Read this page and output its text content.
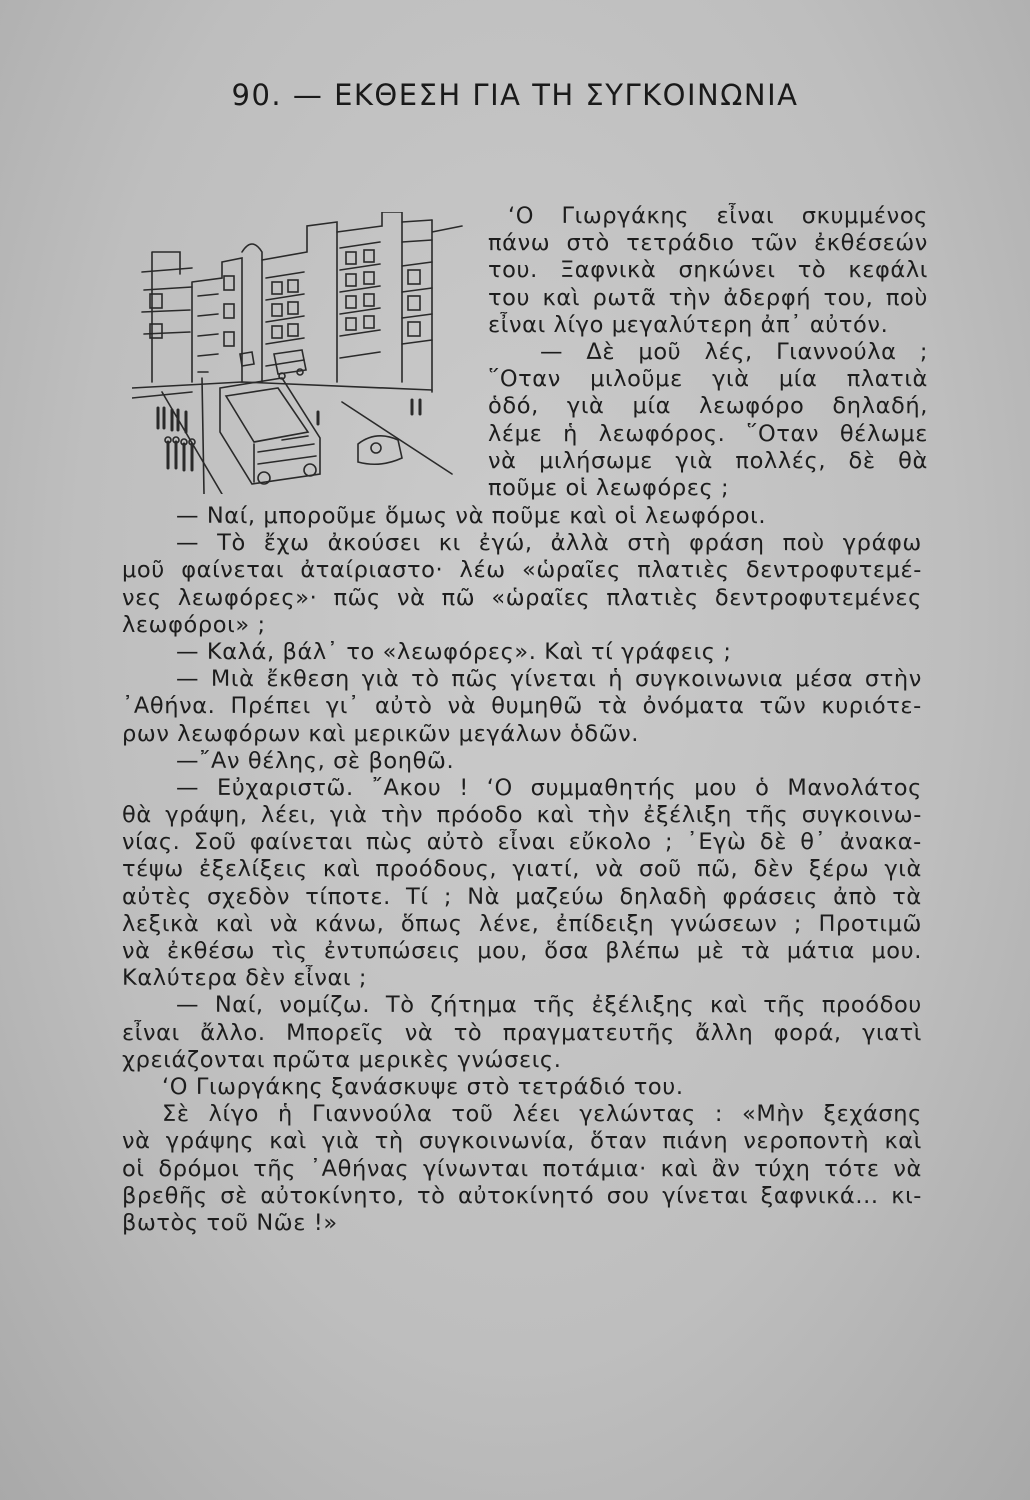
90. — ΕΚΘΕΣΗ ΓΙΑ ΤΗ ΣΥΓΚΟΙΝΩΝΙΑ
‘Ο Γιωργάκης εἶναι σκυμμένος
πάνω στὸ τετράδιο τῶν ἐκθέσεών
του. Ξαφνικὰ σηκώνει τὸ κεφάλι
του καὶ ρωτᾶ τὴν ἀδερφή του, ποὺ
εἶναι λίγο μεγαλύτερη ἀπ᾽ αὐτόν.
— Δὲ μοῦ λές, Γιαννούλα ;
῞Οταν μιλοῦμε γιὰ μία πλατιὰ
ὁδό, γιὰ μία λεωφόρο δηλαδή,
λέμε ἡ λεωφόρος. ῞Οταν θέλωμε
νὰ μιλήσωμε γιὰ πολλές, δὲ θὰ
ποῦμε οἱ λεωφόρες ;
— Ναί, μποροῦμε ὅμως νὰ ποῦμε καὶ οἱ λεωφόροι.
— Τὸ ἔχω ἀκούσει κι ἐγώ, ἀλλὰ στὴ φράση ποὺ γράφω
μοῦ φαίνεται ἀταίριαστο· λέω «ὡραῖες πλατιὲς δεντροφυτεμέ-
νες λεωφόρες»· πῶς νὰ πῶ «ὡραῖες πλατιὲς δεντροφυτεμένες
λεωφόροι» ;
— Καλά, βάλ᾽ το «λεωφόρες». Καὶ τί γράφεις ;
— Μιὰ ἔκθεση γιὰ τὸ πῶς γίνεται ἡ συγκοινωνια μέσα στὴν
᾽Αθήνα. Πρέπει γι᾽ αὐτὸ νὰ θυμηθῶ τὰ ὀνόματα τῶν κυριότε-
ρων λεωφόρων καὶ μερικῶν μεγάλων ὁδῶν.
—῎Αν θέλης, σὲ βοηθῶ.
— Εὐχαριστῶ. ῎Ακου ! ‘Ο συμμαθητής μου ὁ Μανολάτος
θὰ γράψη, λέει, γιὰ τὴν πρόοδο καὶ τὴν ἐξέλιξη τῆς συγκοινω-
νίας. Σοῦ φαίνεται πὼς αὐτὸ εἶναι εὔκολο ; ᾽Εγὼ δὲ θ᾽ ἀνακα-
τέψω ἐξελίξεις καὶ προόδους, γιατί, νὰ σοῦ πῶ, δὲν ξέρω γιὰ
αὐτὲς σχεδὸν τίποτε. Τί ; Νὰ μαζεύω δηλαδὴ φράσεις ἀπὸ τὰ
λεξικὰ καὶ νὰ κάνω, ὅπως λένε, ἐπίδειξη γνώσεων ; Προτιμῶ
νὰ ἐκθέσω τὶς ἐντυπώσεις μου, ὅσα βλέπω μὲ τὰ μάτια μου.
Καλύτερα δὲν εἶναι ;
— Ναί, νομίζω. Τὸ ζήτημα τῆς ἐξέλιξης καὶ τῆς προόδου
εἶναι ἄλλο. Μπορεῖς νὰ τὸ πραγματευτῆς ἄλλη φορά, γιατὶ
χρειάζονται πρῶτα μερικὲς γνώσεις.
‘Ο Γιωργάκης ξανάσκυψε στὸ τετράδιό του.
Σὲ λίγο ἡ Γιαννούλα τοῦ λέει γελώντας : «Μὴν ξεχάσης
νὰ γράψης καὶ γιὰ τὴ συγκοινωνία, ὅταν πιάνη νεροποντὴ καὶ
οἱ δρόμοι τῆς ᾽Αθήνας γίνωνται ποτάμια· καὶ ἂν τύχη τότε νὰ
βρεθῆς σὲ αὐτοκίνητο, τὸ αὐτοκίνητό σου γίνεται ξαφνικά... κι-
βωτὸς τοῦ Νῶε !»
